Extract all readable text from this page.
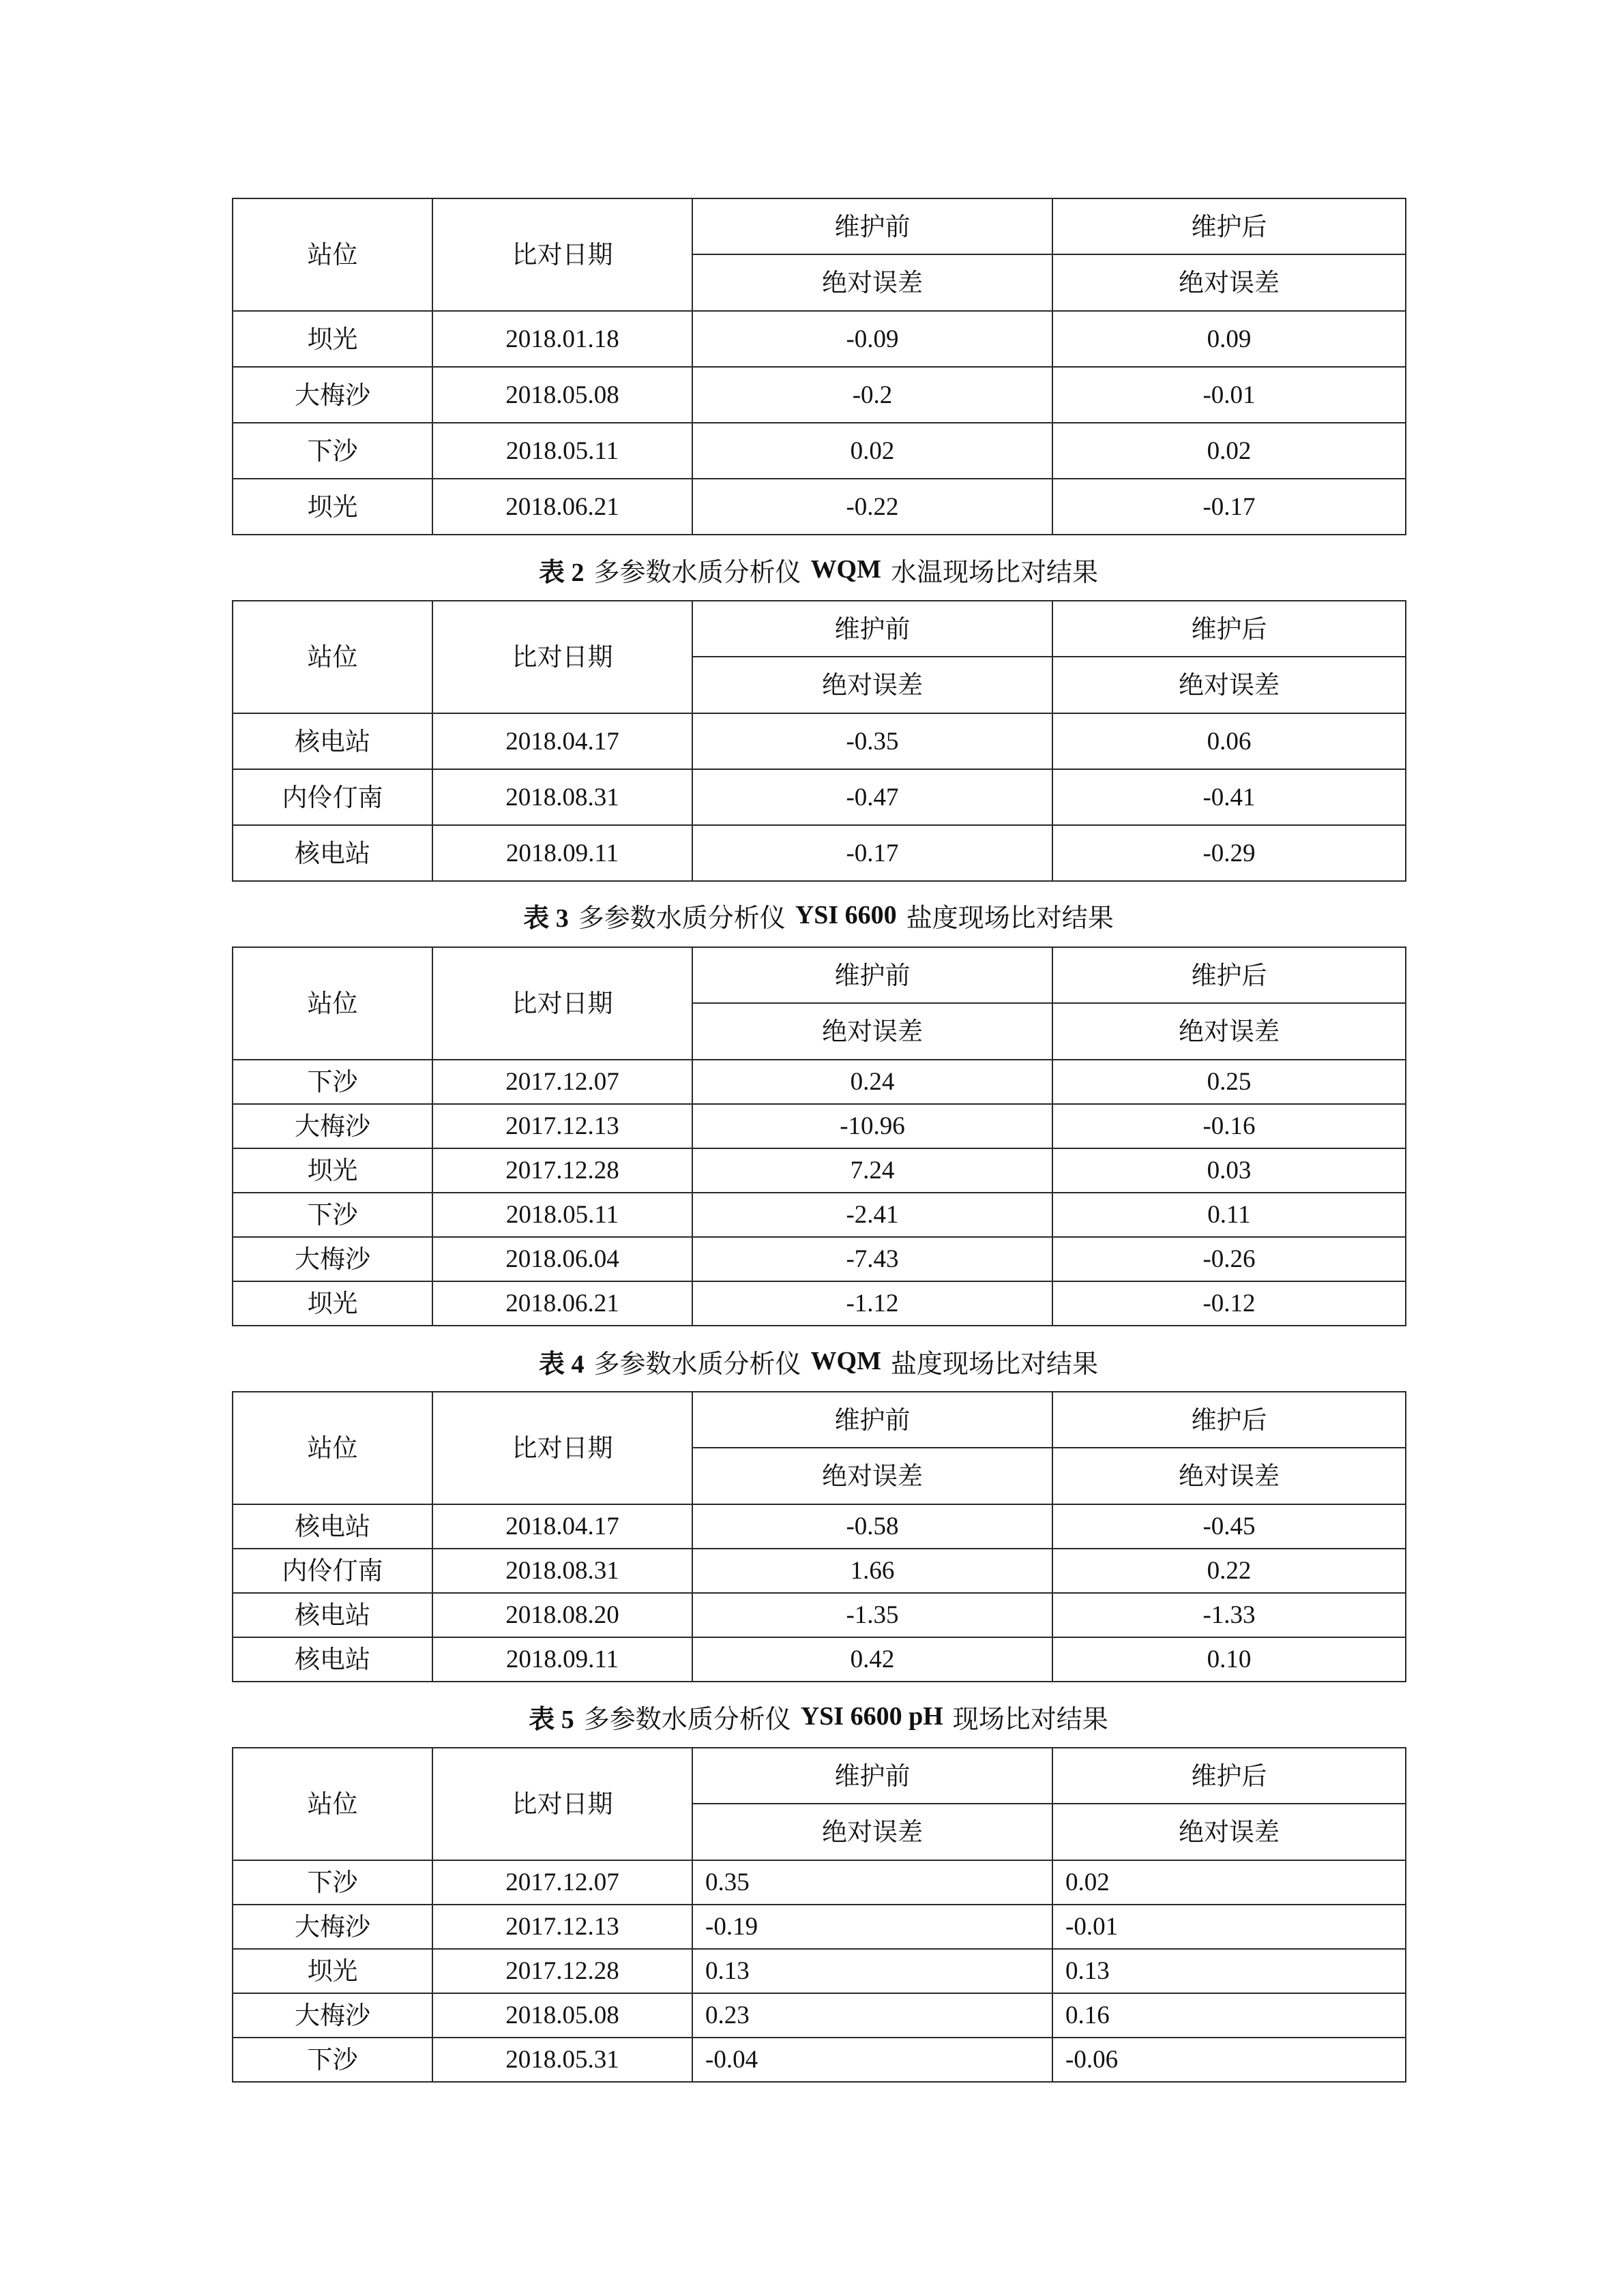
站位	比对日期	维护前	维护后
		绝对误差	绝对误差
坝光	2018.01.18	-0.09	0.09
大梅沙	2018.05.08	-0.2	-0.01
下沙	2018.05.11	0.02	0.02
坝光	2018.06.21	-0.22	-0.17
表 2 多参数水质分析仪 WQM 水温现场比对结果
站位	比对日期	维护前	维护后
		绝对误差	绝对误差
核电站	2018.04.17	-0.35	0.06
内伶仃南	2018.08.31	-0.47	-0.41
核电站	2018.09.11	-0.17	-0.29
表 3 多参数水质分析仪 YSI 6600 盐度现场比对结果
站位	比对日期	维护前	维护后
		绝对误差	绝对误差
下沙	2017.12.07	0.24	0.25
大梅沙	2017.12.13	-10.96	-0.16
坝光	2017.12.28	7.24	0.03
下沙	2018.05.11	-2.41	0.11
大梅沙	2018.06.04	-7.43	-0.26
坝光	2018.06.21	-1.12	-0.12
表 4 多参数水质分析仪 WQM 盐度现场比对结果
站位	比对日期	维护前	维护后
		绝对误差	绝对误差
核电站	2018.04.17	-0.58	-0.45
内伶仃南	2018.08.31	1.66	0.22
核电站	2018.08.20	-1.35	-1.33
核电站	2018.09.11	0.42	0.10
表 5 多参数水质分析仪 YSI 6600 pH 现场比对结果
站位	比对日期	维护前	维护后
		绝对误差	绝对误差
下沙	2017.12.07	0.35	0.02
大梅沙	2017.12.13	-0.19	-0.01
坝光	2017.12.28	0.13	0.13
大梅沙	2018.05.08	0.23	0.16
下沙	2018.05.31	-0.04	-0.06
